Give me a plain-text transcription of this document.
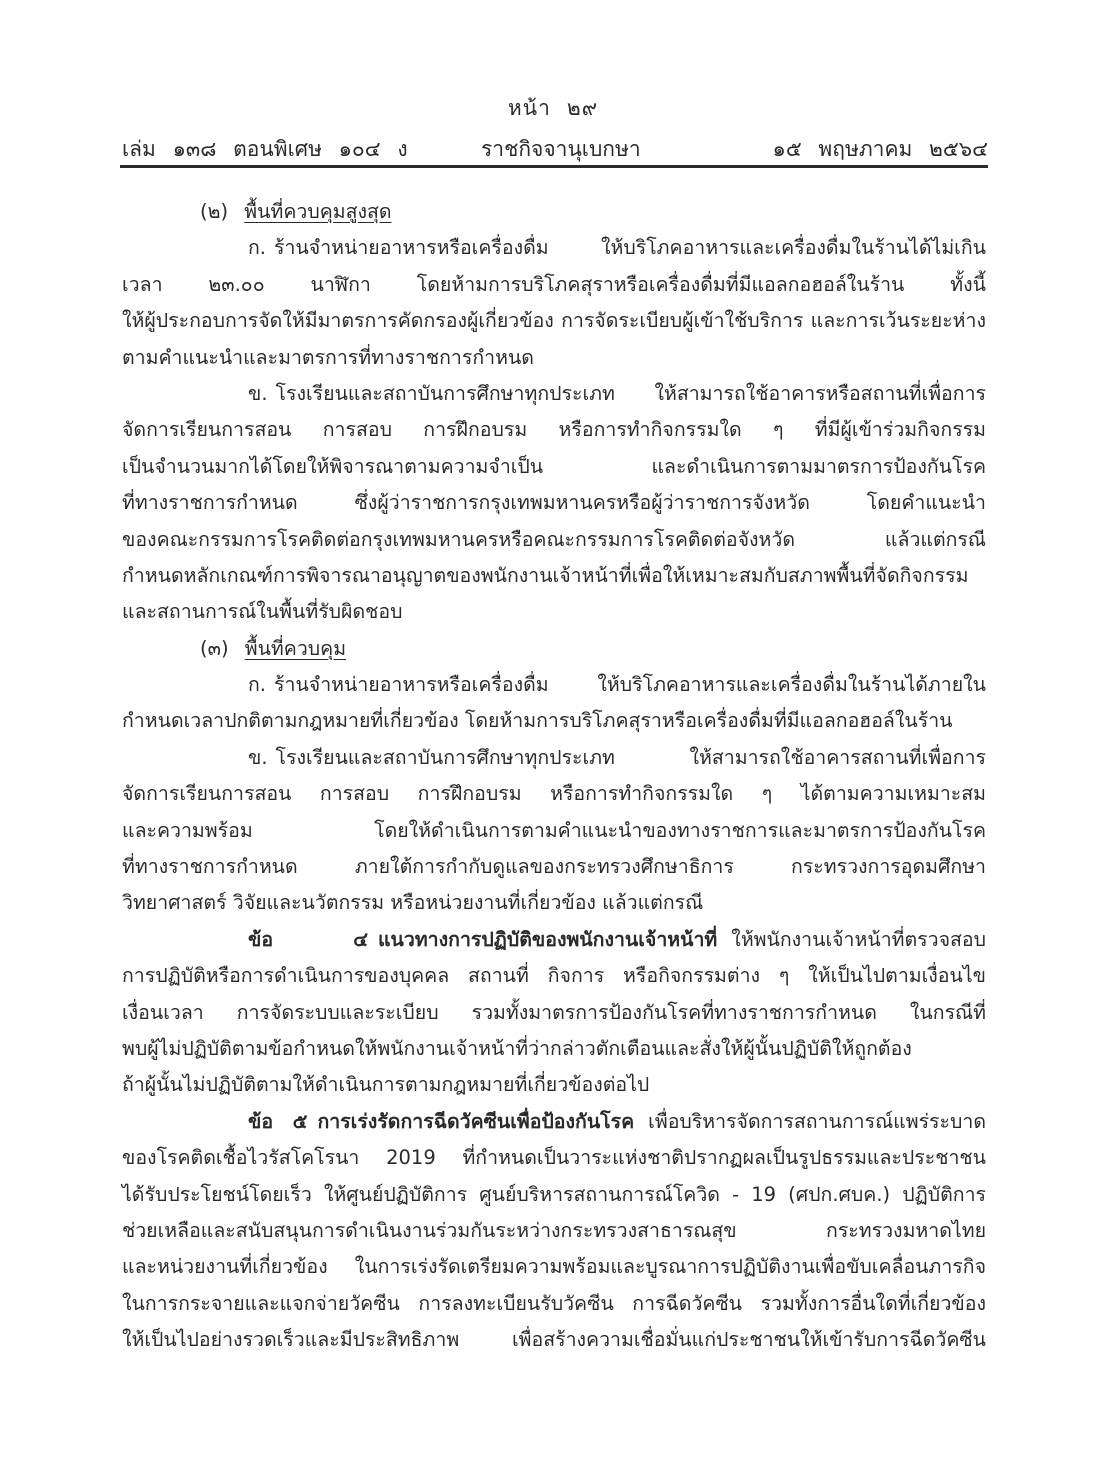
หน้า ๒๙
เล่ม ๑๓๘ ตอนพิเศษ ๑๐๔ ง	ราชกิจจานุเบกษา	๑๕ พฤษภาคม ๒๕๖๔
(๒) พื้นที่ควบคุมสูงสุด
ก. ร้านจำหน่ายอาหารหรือเครื่องดื่ม ให้บริโภคอาหารและเครื่องดื่มในร้านได้ไม่เกิน
เวลา ๒๓.๐๐ นาฬิกา โดยห้ามการบริโภคสุราหรือเครื่องดื่มที่มีแอลกอฮอล์ในร้าน ทั้งนี้
ให้ผู้ประกอบการจัดให้มีมาตรการคัดกรองผู้เกี่ยวข้อง การจัดระเบียบผู้เข้าใช้บริการ และการเว้นระยะห่าง
ตามคำแนะนำและมาตรการที่ทางราชการกำหนด
ข. โรงเรียนและสถาบันการศึกษาทุกประเภท ให้สามารถใช้อาคารหรือสถานที่เพื่อการ
จัดการเรียนการสอน การสอบ การฝึกอบรม หรือการทำกิจกรรมใด ๆ ที่มีผู้เข้าร่วมกิจกรรม
เป็นจำนวนมากได้โดยให้พิจารณาตามความจำเป็น และดำเนินการตามมาตรการป้องกันโรค
ที่ทางราชการกำหนด ซึ่งผู้ว่าราชการกรุงเทพมหานครหรือผู้ว่าราชการจังหวัด โดยคำแนะนำ
ของคณะกรรมการโรคติดต่อกรุงเทพมหานครหรือคณะกรรมการโรคติดต่อจังหวัด แล้วแต่กรณี
กำหนดหลักเกณฑ์การพิจารณาอนุญาตของพนักงานเจ้าหน้าที่เพื่อให้เหมาะสมกับสภาพพื้นที่จัดกิจกรรม
และสถานการณ์ในพื้นที่รับผิดชอบ
(๓) พื้นที่ควบคุม
ก. ร้านจำหน่ายอาหารหรือเครื่องดื่ม ให้บริโภคอาหารและเครื่องดื่มในร้านได้ภายใน
กำหนดเวลาปกติตามกฎหมายที่เกี่ยวข้อง โดยห้ามการบริโภคสุราหรือเครื่องดื่มที่มีแอลกอฮอล์ในร้าน
ข. โรงเรียนและสถาบันการศึกษาทุกประเภท ให้สามารถใช้อาคารสถานที่เพื่อการ
จัดการเรียนการสอน การสอบ การฝึกอบรม หรือการทำกิจกรรมใด ๆ ได้ตามความเหมาะสม
และความพร้อม โดยให้ดำเนินการตามคำแนะนำของทางราชการและมาตรการป้องกันโรค
ที่ทางราชการกำหนด ภายใต้การกำกับดูแลของกระทรวงศึกษาธิการ กระทรวงการอุดมศึกษา
วิทยาศาสตร์ วิจัยและนวัตกรรม หรือหน่วยงานที่เกี่ยวข้อง แล้วแต่กรณี
ข้อ ๔ แนวทางการปฏิบัติของพนักงานเจ้าหน้าที่ ให้พนักงานเจ้าหน้าที่ตรวจสอบ
การปฏิบัติหรือการดำเนินการของบุคคล สถานที่ กิจการ หรือกิจกรรมต่าง ๆ ให้เป็นไปตามเงื่อนไข
เงื่อนเวลา การจัดระบบและระเบียบ รวมทั้งมาตรการป้องกันโรคที่ทางราชการกำหนด ในกรณีที่
พบผู้ไม่ปฏิบัติตามข้อกำหนดให้พนักงานเจ้าหน้าที่ว่ากล่าวตักเตือนและสั่งให้ผู้นั้นปฏิบัติให้ถูกต้อง
ถ้าผู้นั้นไม่ปฏิบัติตามให้ดำเนินการตามกฎหมายที่เกี่ยวข้องต่อไป
ข้อ ๕ การเร่งรัดการฉีดวัคซีนเพื่อป้องกันโรค เพื่อบริหารจัดการสถานการณ์แพร่ระบาด
ของโรคติดเชื้อไวรัสโคโรนา 2019 ที่กำหนดเป็นวาระแห่งชาติปรากฏผลเป็นรูปธรรมและประชาชน
ได้รับประโยชน์โดยเร็ว ให้ศูนย์ปฏิบัติการ ศูนย์บริหารสถานการณ์โควิด - 19 (ศปก.ศบค.) ปฏิบัติการ
ช่วยเหลือและสนับสนุนการดำเนินงานร่วมกันระหว่างกระทรวงสาธารณสุข กระทรวงมหาดไทย
และหน่วยงานที่เกี่ยวข้อง ในการเร่งรัดเตรียมความพร้อมและบูรณาการปฏิบัติงานเพื่อขับเคลื่อนภารกิจ
ในการกระจายและแจกจ่ายวัคซีน การลงทะเบียนรับวัคซีน การฉีดวัคซีน รวมทั้งการอื่นใดที่เกี่ยวข้อง
ให้เป็นไปอย่างรวดเร็วและมีประสิทธิภาพ เพื่อสร้างความเชื่อมั่นแก่ประชาชนให้เข้ารับการฉีดวัคซีน
